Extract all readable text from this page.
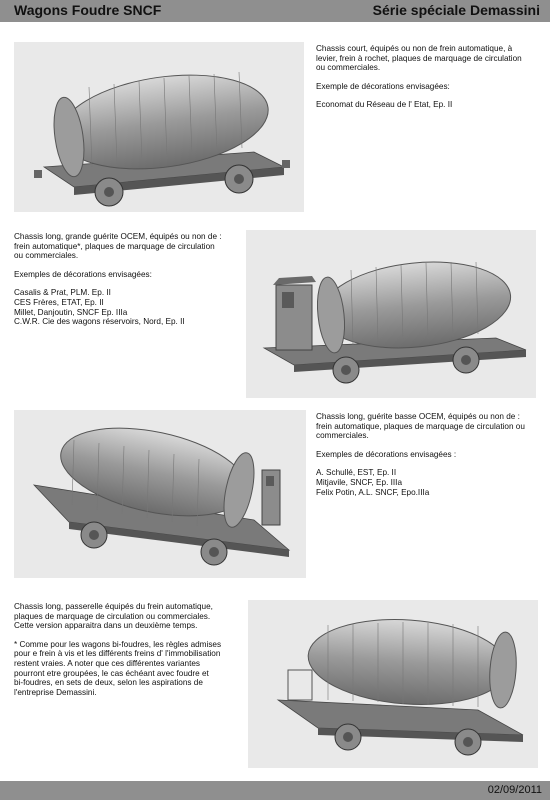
Wagons Foudre SNCF	Série spéciale Demassini

Chassis court, équipés ou non de frein automatique, à

levier, frein à rochet, plaques de marquage de circulation

ou commerciales.

Exemple de décorations envisagées:

Economat du Réseau de l' Etat, Ep. II

Chassis long, grande guérite OCEM, équipés ou non de :

frein automatique*, plaques de marquage de circulation

ou commerciales.

Exemples de décorations envisagées:

Casalis & Prat, PLM. Ep. II

CES Frères, ETAT, Ep. II

Millet, Danjoutin, SNCF Ep. IIIa

C.W.R. Cie des wagons réservoirs, Nord, Ep. II

Chassis long, guérite basse OCEM, équipés ou non de :

frein automatique, plaques de marquage de circulation ou

commerciales.

Exemples de décorations envisagées :

A. Schullé, EST, Ep. II

Mitjavile, SNCF, Ep. IIIa

Felix Potin, A.L. SNCF, Epo.IIIa

Chassis long, passerelle équipés du frein automatique,

plaques de marquage de circulation ou commerciales.

Cette version apparaitra dans un deuxième temps.

* Comme pour les wagons bi-foudres, les règles admises

pour e frein à vis et les différents freins d' l'immobilisation

restent vraies. A noter que ces différentes variantes

pourront etre groupées, le cas échéant avec foudre et

bi-foudres, en sets de deux, selon les aspirations de

l'entreprise Demassini.

02/09/2011
